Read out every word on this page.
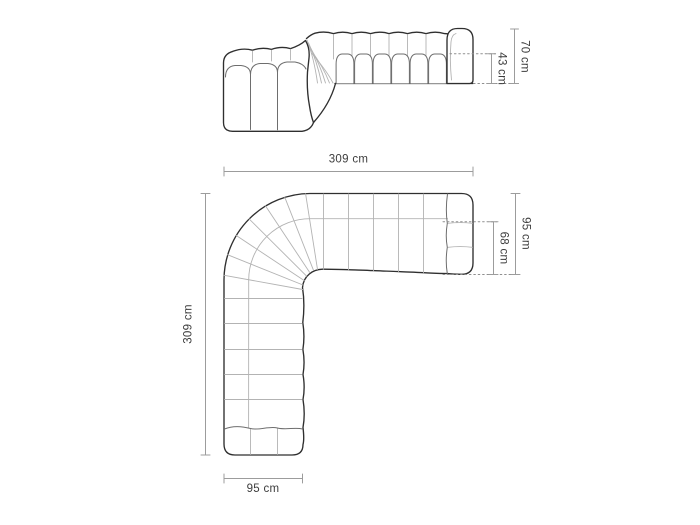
70 cm
43 cm
309 cm
309 cm
95 cm
68 cm
95 cm
